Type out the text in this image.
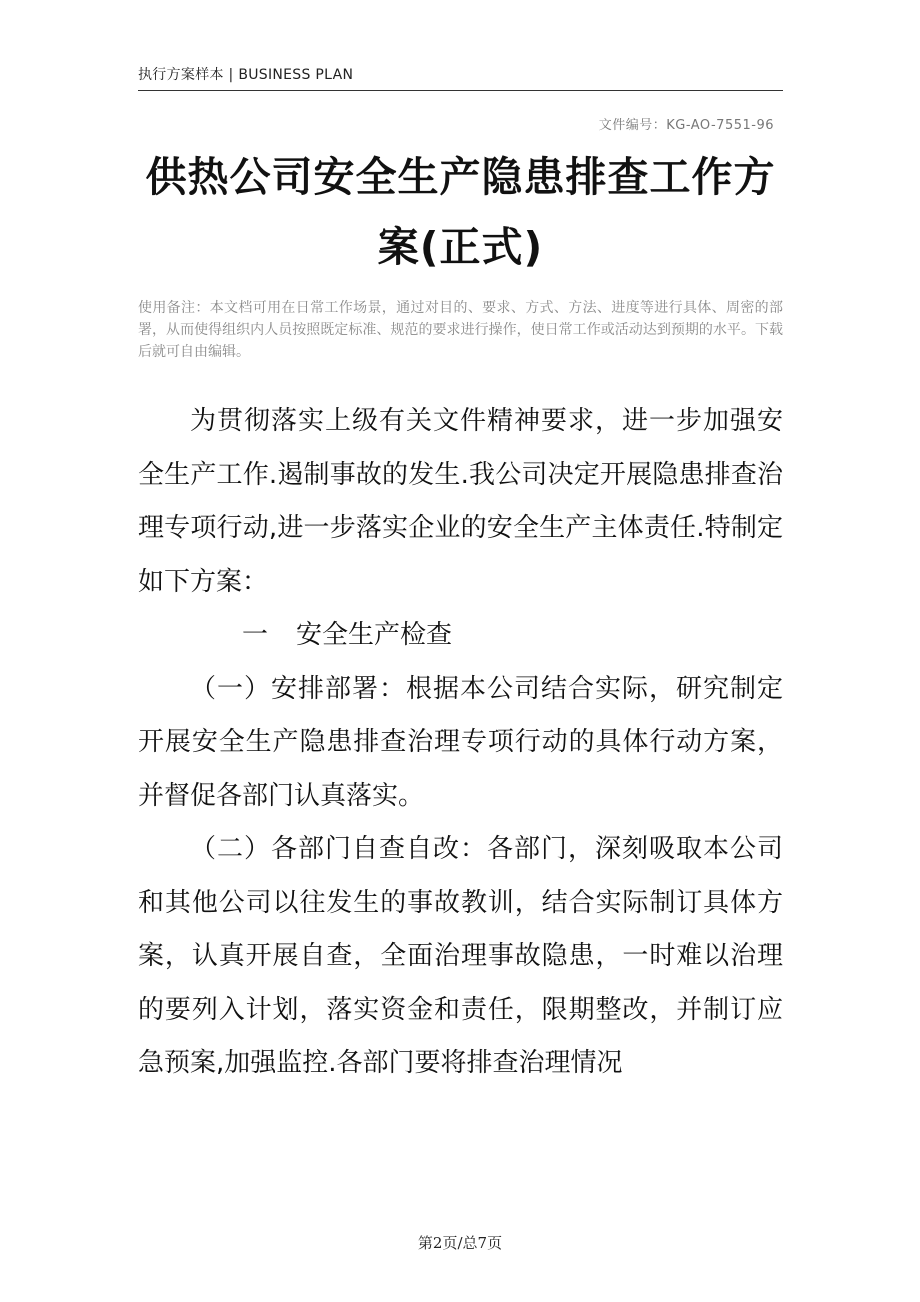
执行方案样本 | BUSINESS PLAN
文件编号：KG-AO-7551-96
供热公司安全生产隐患排查工作方案(正式)
使用备注：本文档可用在日常工作场景，通过对目的、要求、方式、方法、进度等进行具体、周密的部署，从而使得组织内人员按照既定标准、规范的要求进行操作，使日常工作或活动达到预期的水平。下载后就可自由编辑。

为贯彻落实上级有关文件精神要求，进一步加强安全生产工作.遏制事故的发生.我公司决定开展隐患排查治理专项行动,进一步落实企业的安全生产主体责任.特制定如下方案：

一 安全生产检查

（一）安排部署：根据本公司结合实际，研究制定开展安全生产隐患排查治理专项行动的具体行动方案，并督促各部门认真落实。

（二）各部门自查自改：各部门，深刻吸取本公司和其他公司以往发生的事故教训，结合实际制订具体方案，认真开展自查，全面治理事故隐患，一时难以治理的要列入计划，落实资金和责任，限期整改，并制订应急预案,加强监控.各部门要将排查治理情况

第2页/总7页
